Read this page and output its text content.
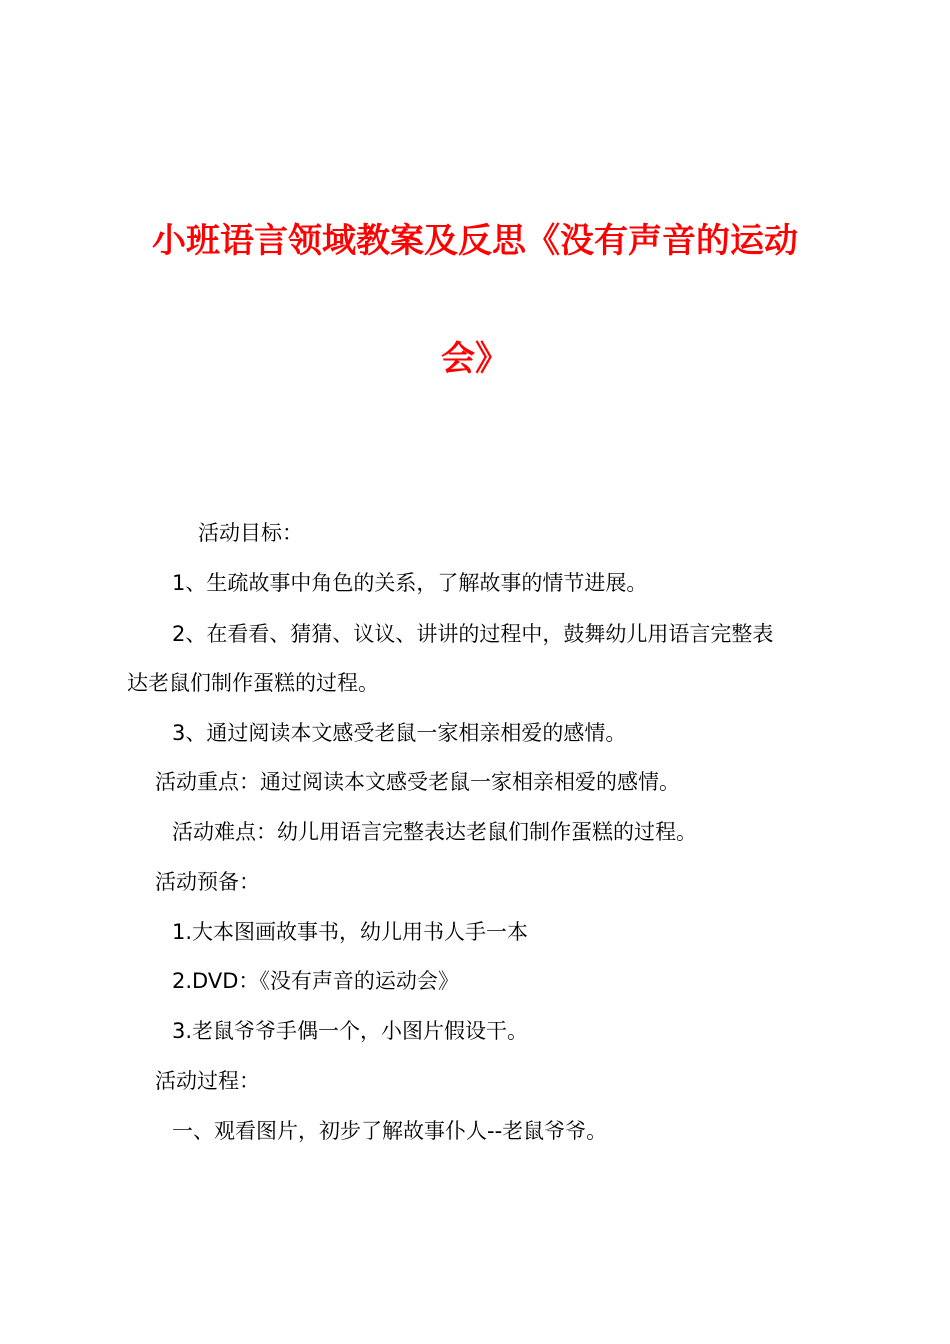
小班语言领域教案及反思《没有声音的运动
会》
活动目标：
1、生疏故事中角色的关系，了解故事的情节进展。
2、在看看、猜猜、议议、讲讲的过程中，鼓舞幼儿用语言完整表
达老鼠们制作蛋糕的过程。
3、通过阅读本文感受老鼠一家相亲相爱的感情。
活动重点：通过阅读本文感受老鼠一家相亲相爱的感情。
活动难点：幼儿用语言完整表达老鼠们制作蛋糕的过程。
活动预备：
1.大本图画故事书，幼儿用书人手一本
2.DVD：《没有声音的运动会》
3.老鼠爷爷手偶一个，小图片假设干。
活动过程：
一、观看图片，初步了解故事仆人--老鼠爷爷。
